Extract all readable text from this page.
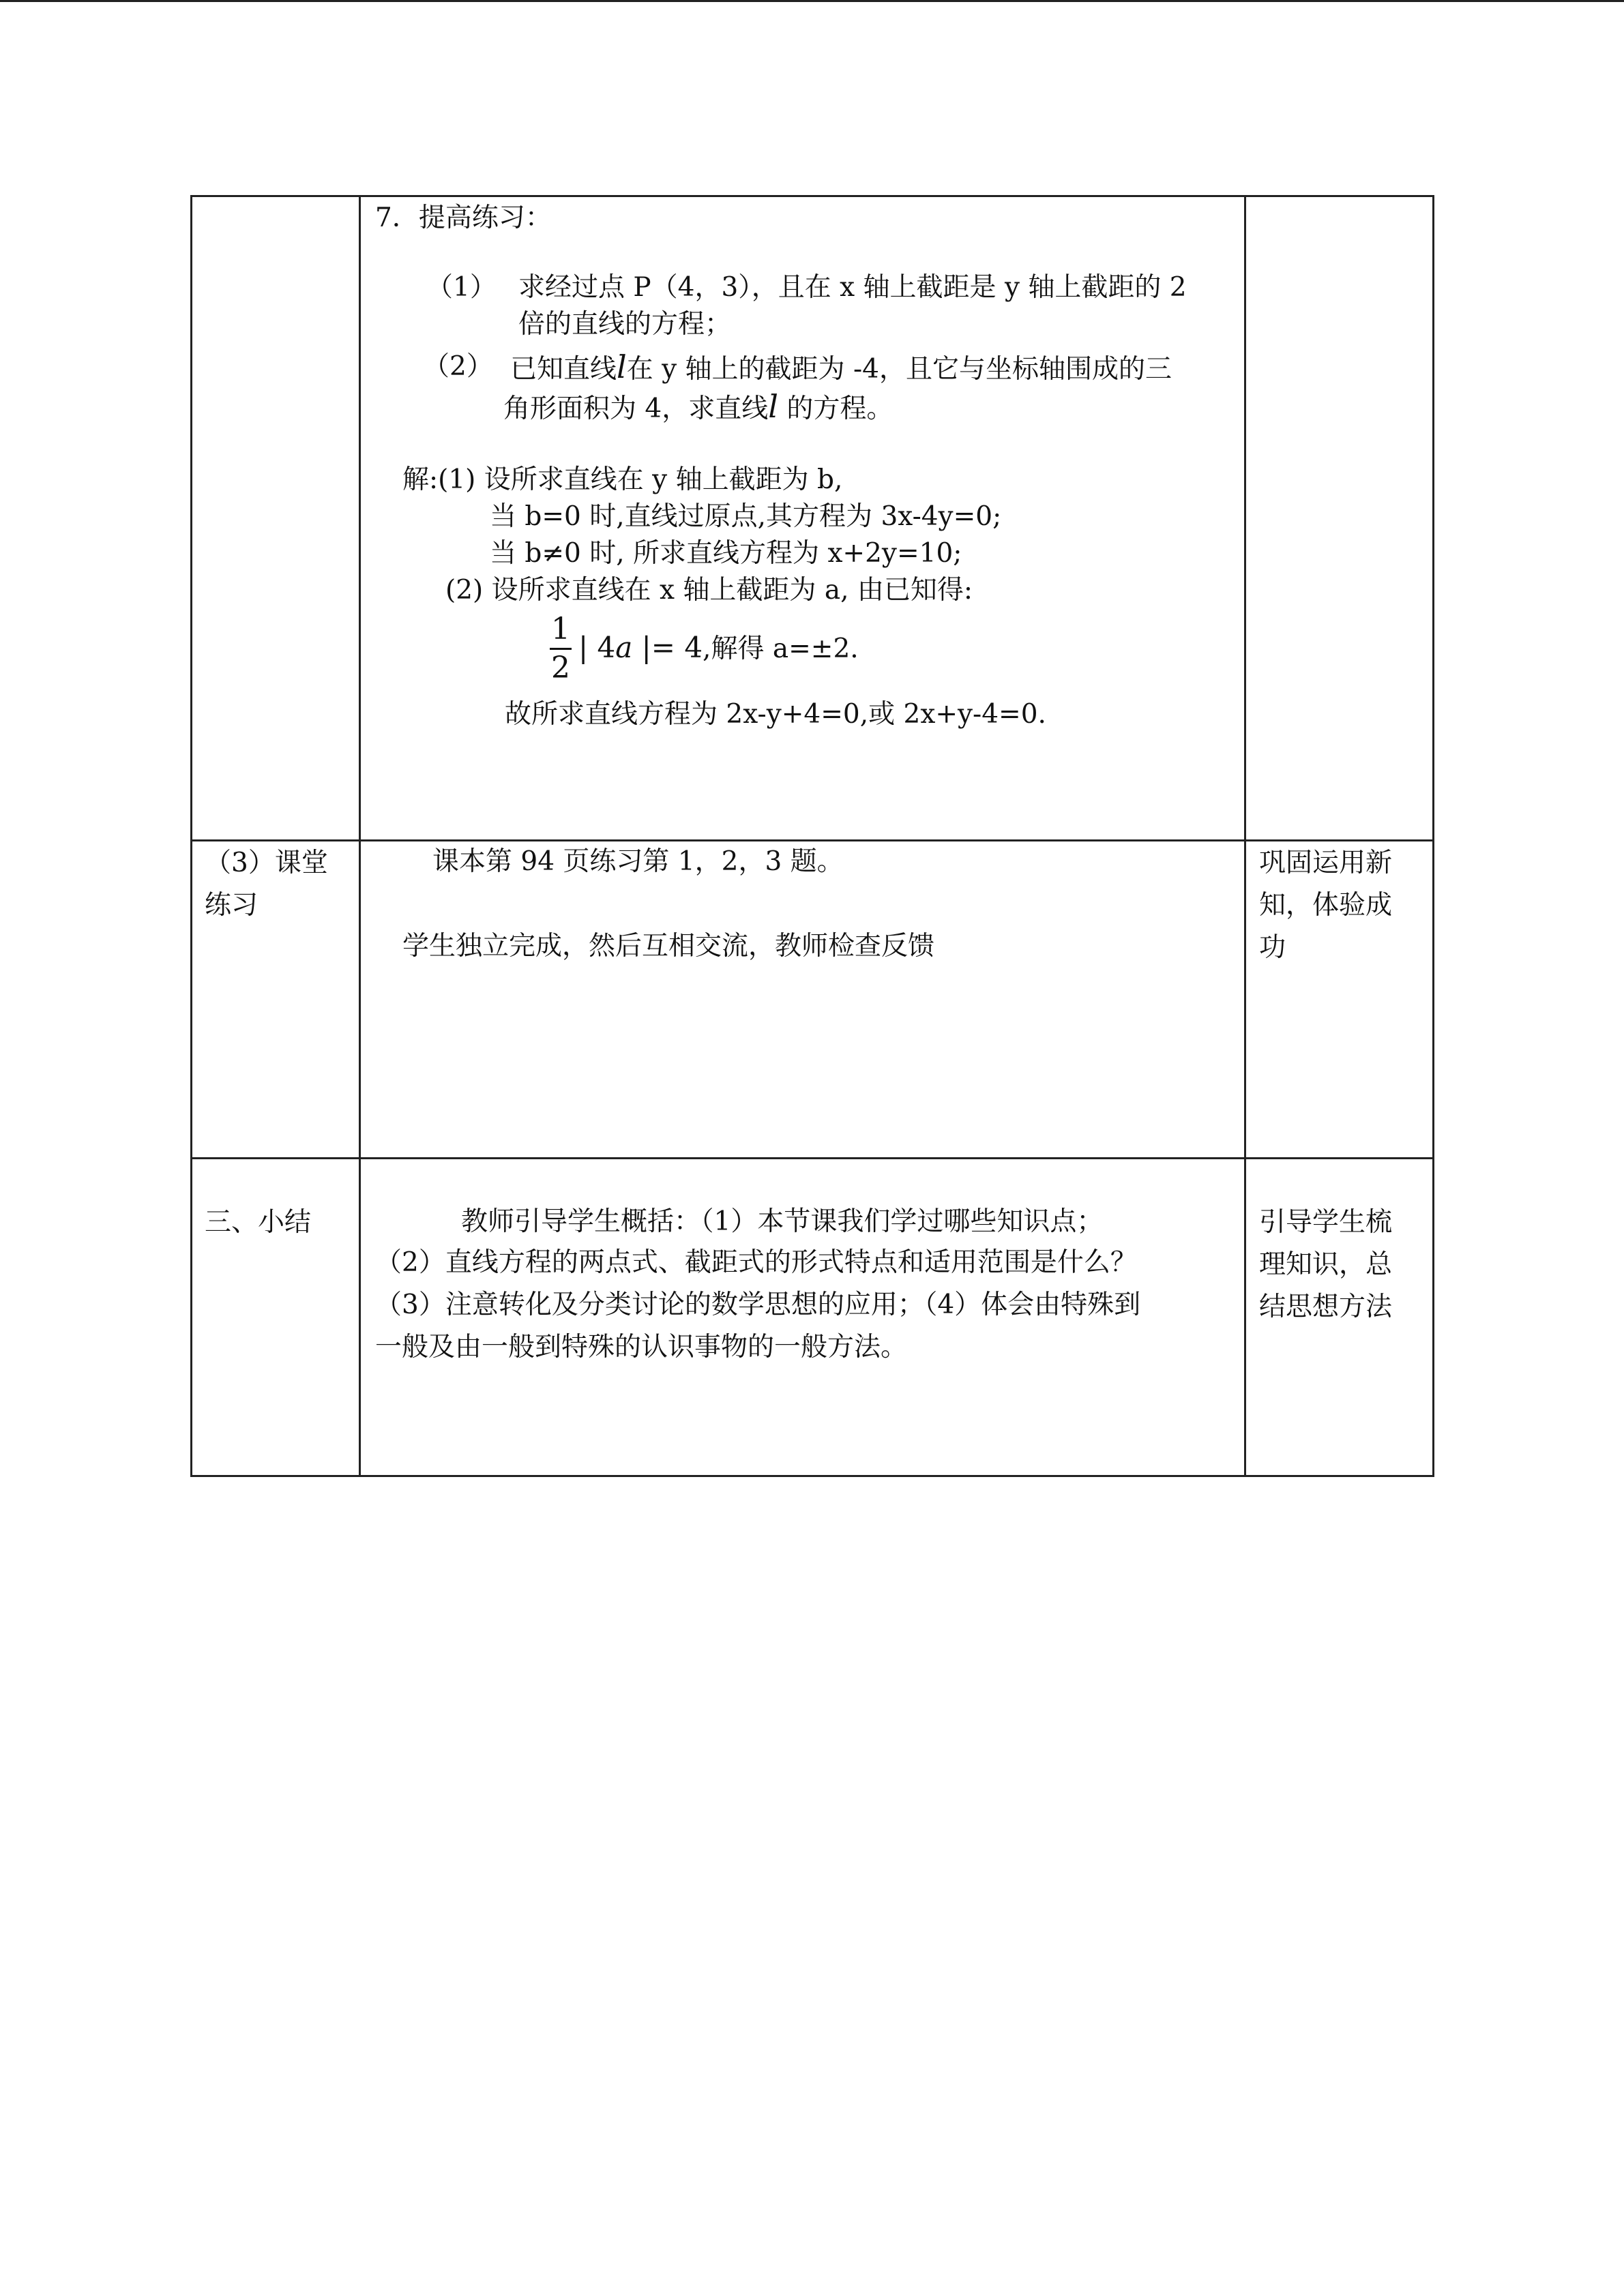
7．提高练习：
（1） 求经过点 P（4，3），且在 x 轴上截距是 y 轴上截距的 2
倍的直线的方程；
（2） 已知直线l在 y 轴上的截距为 -4，且它与坐标轴围成的三
角形面积为 4，求直线l 的方程。
解:(1) 设所求直线在 y 轴上截距为 b,
当 b=0 时,直线过原点,其方程为 3x-4y=0;
当 b≠0 时, 所求直线方程为 x+2y=10;
(2) 设所求直线在 x 轴上截距为 a, 由已知得:
1
2
| 4a |= 4,解得 a=±2.
故所求直线方程为 2x-y+4=0,或 2x+y-4=0.
（3）课堂练习
课本第 94 页练习第 1，2，3 题。
学生独立完成，然后互相交流，教师检查反馈
巩固运用新知，体验成功
三、小结	教师引导学生概括：（1）本节课我们学过哪些知识点；
（2）直线方程的两点式、截距式的形式特点和适用范围是什么？
（3）注意转化及分类讨论的数学思想的应用；（4）体会由特殊到
一般及由一般到特殊的认识事物的一般方法。
引导学生梳理知识，总结思想方法
